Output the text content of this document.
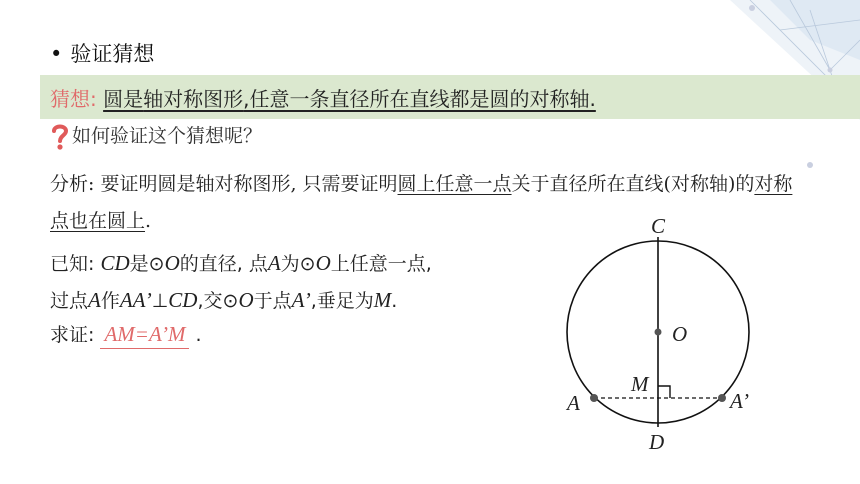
• 验证猜想
猜想: 圆是轴对称图形,任意一条直径所在直线都是圆的对称轴.
如何验证这个猜想呢？
分析: 要证明圆是轴对称图形, 只需要证明圆上任意一点关于直径所在直线(对称轴)的对称点也在圆上.
已知: CD是⊙O的直径, 点A为⊙O上任意一点,
过点A作AA’⊥CD,交⊙O于点A’,垂足为M.
求证: AM=A’M .
C
O
M
A	A’
D
